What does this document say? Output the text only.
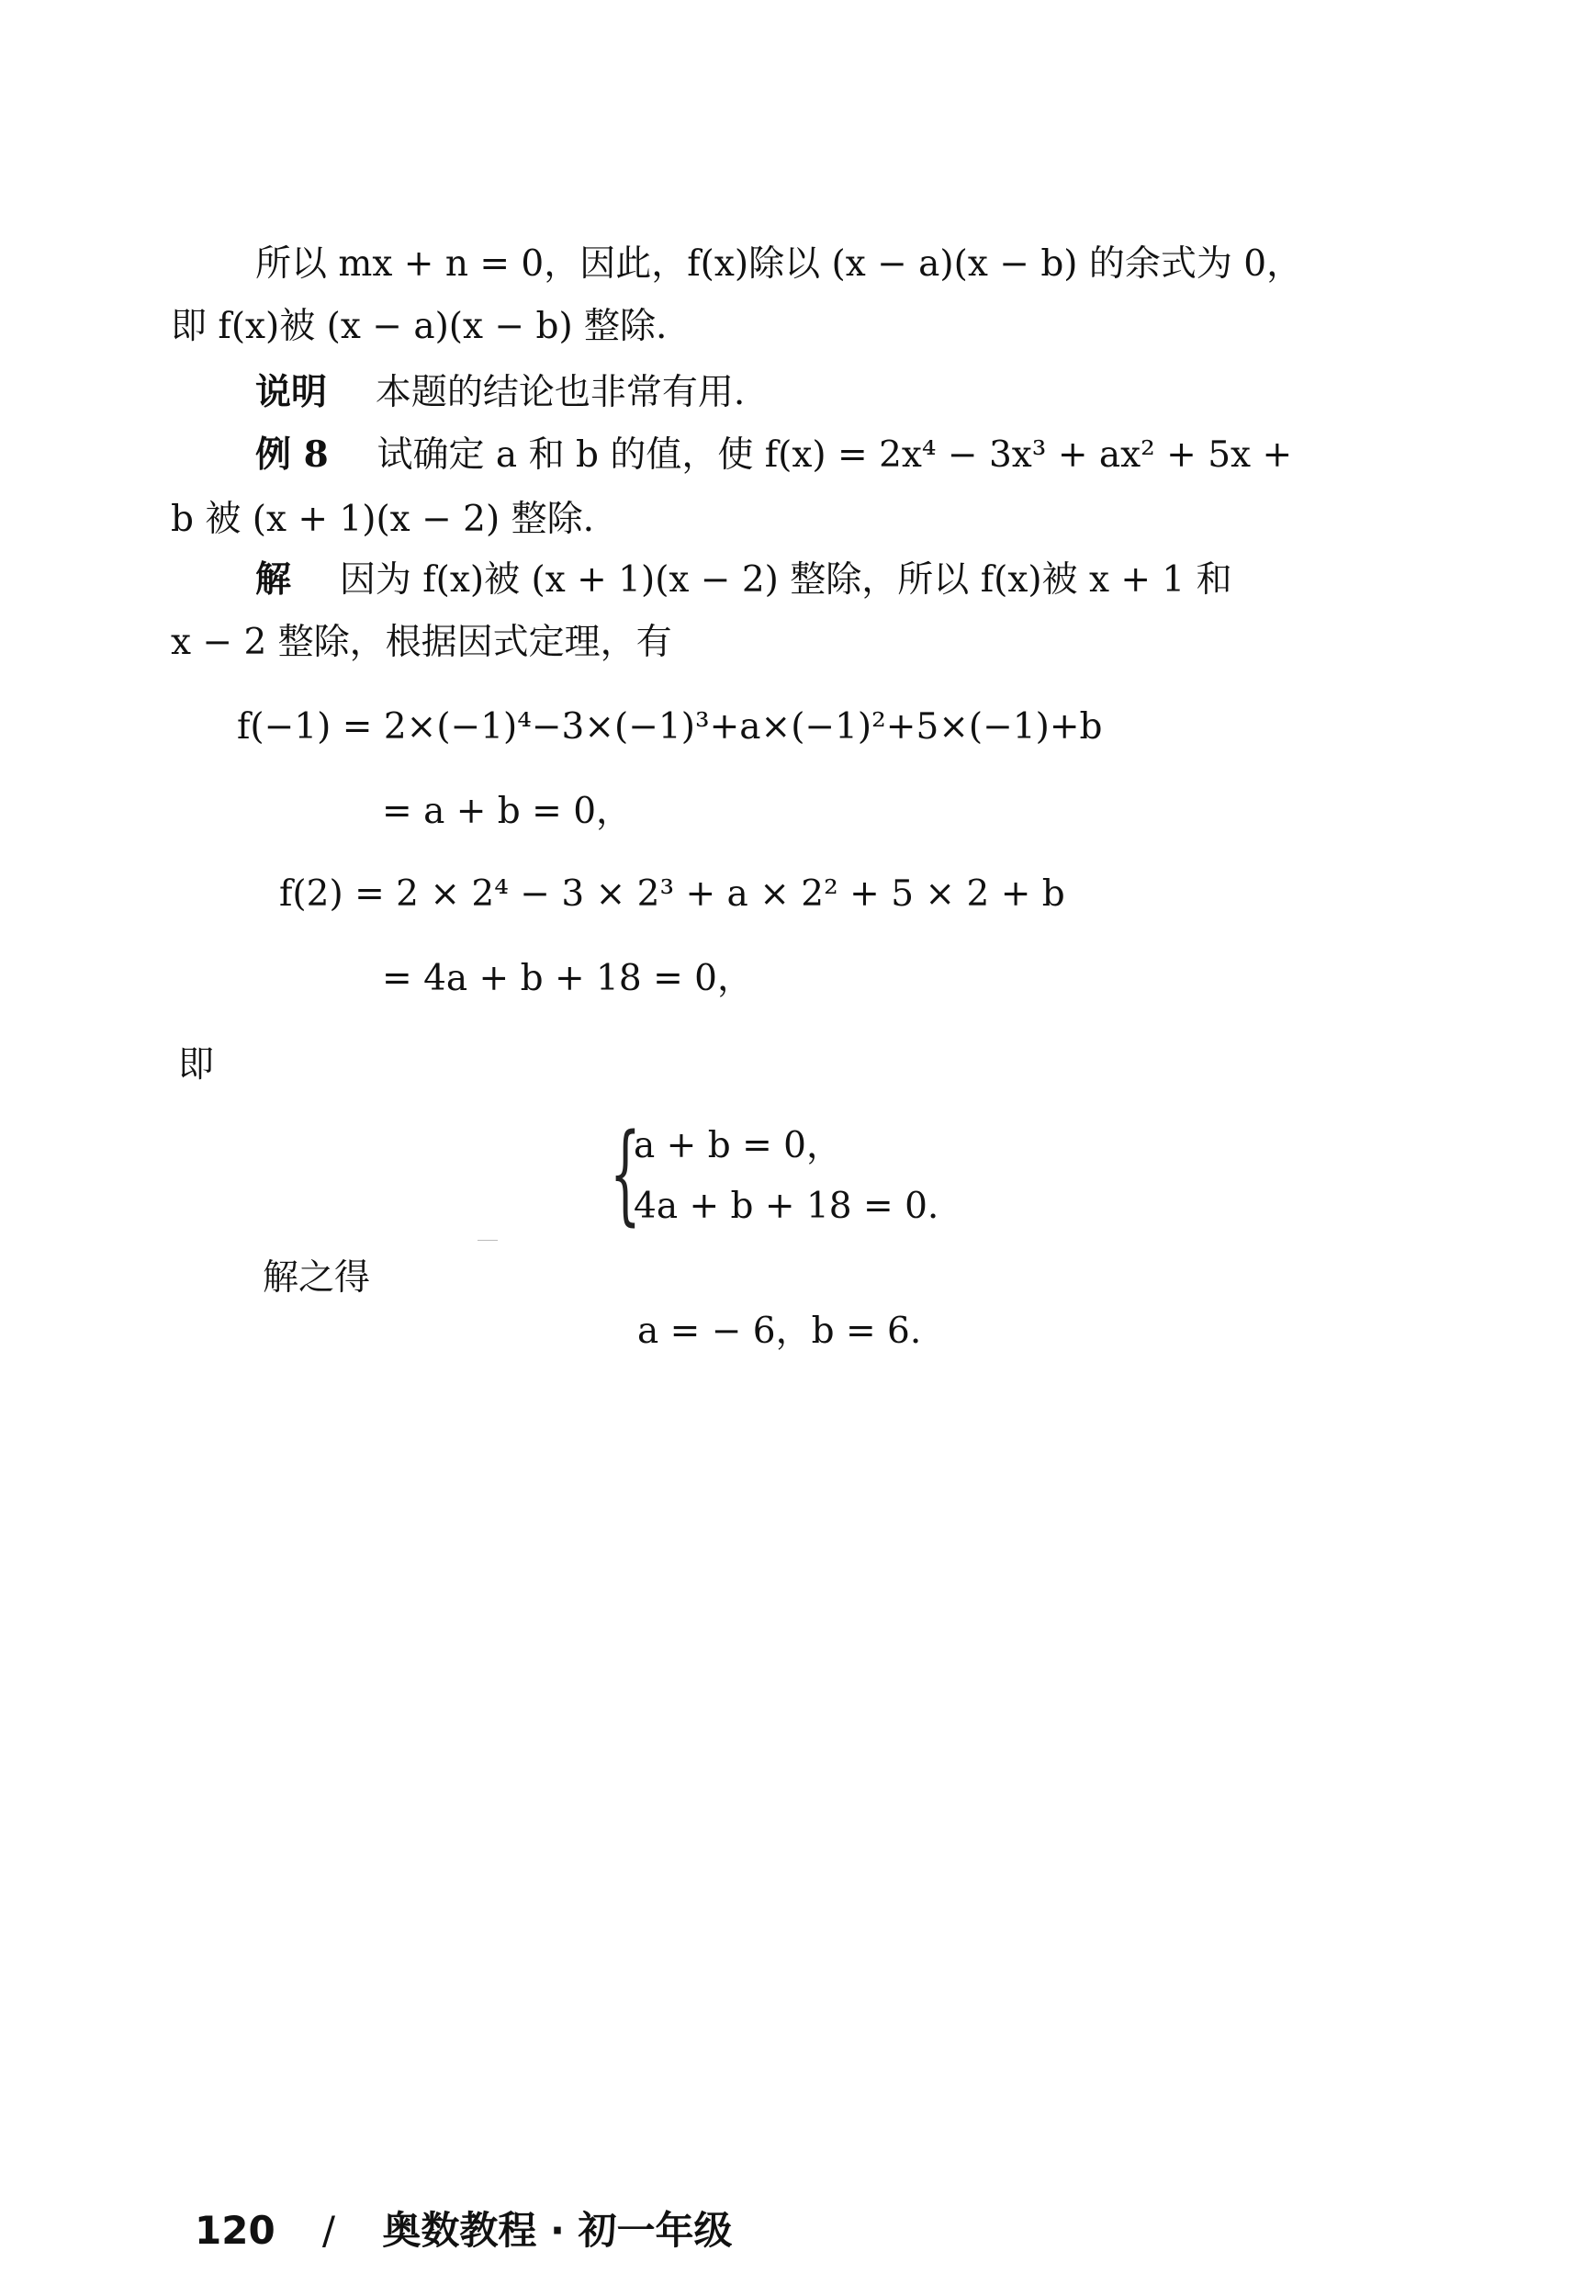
所以 mx + n = 0，因此，f(x)除以 (x − a)(x − b) 的余式为 0，
即 f(x)被 (x − a)(x − b) 整除.
说明 本题的结论也非常有用.
例 8 试确定 a 和 b 的值，使 f(x) = 2x⁴ − 3x³ + ax² + 5x +
b 被 (x + 1)(x − 2) 整除.
解 因为 f(x)被 (x + 1)(x − 2) 整除，所以 f(x)被 x + 1 和
x − 2 整除，根据因式定理，有
f(−1) = 2×(−1)⁴−3×(−1)³+a×(−1)²+5×(−1)+b
= a + b = 0，
f(2) = 2 × 2⁴ − 3 × 2³ + a × 2² + 5 × 2 + b
= 4a + b + 18 = 0，
即
{
a + b = 0，
4a + b + 18 = 0.
解之得
a = − 6，b = 6.
120 / 奥数教程 · 初一年级
